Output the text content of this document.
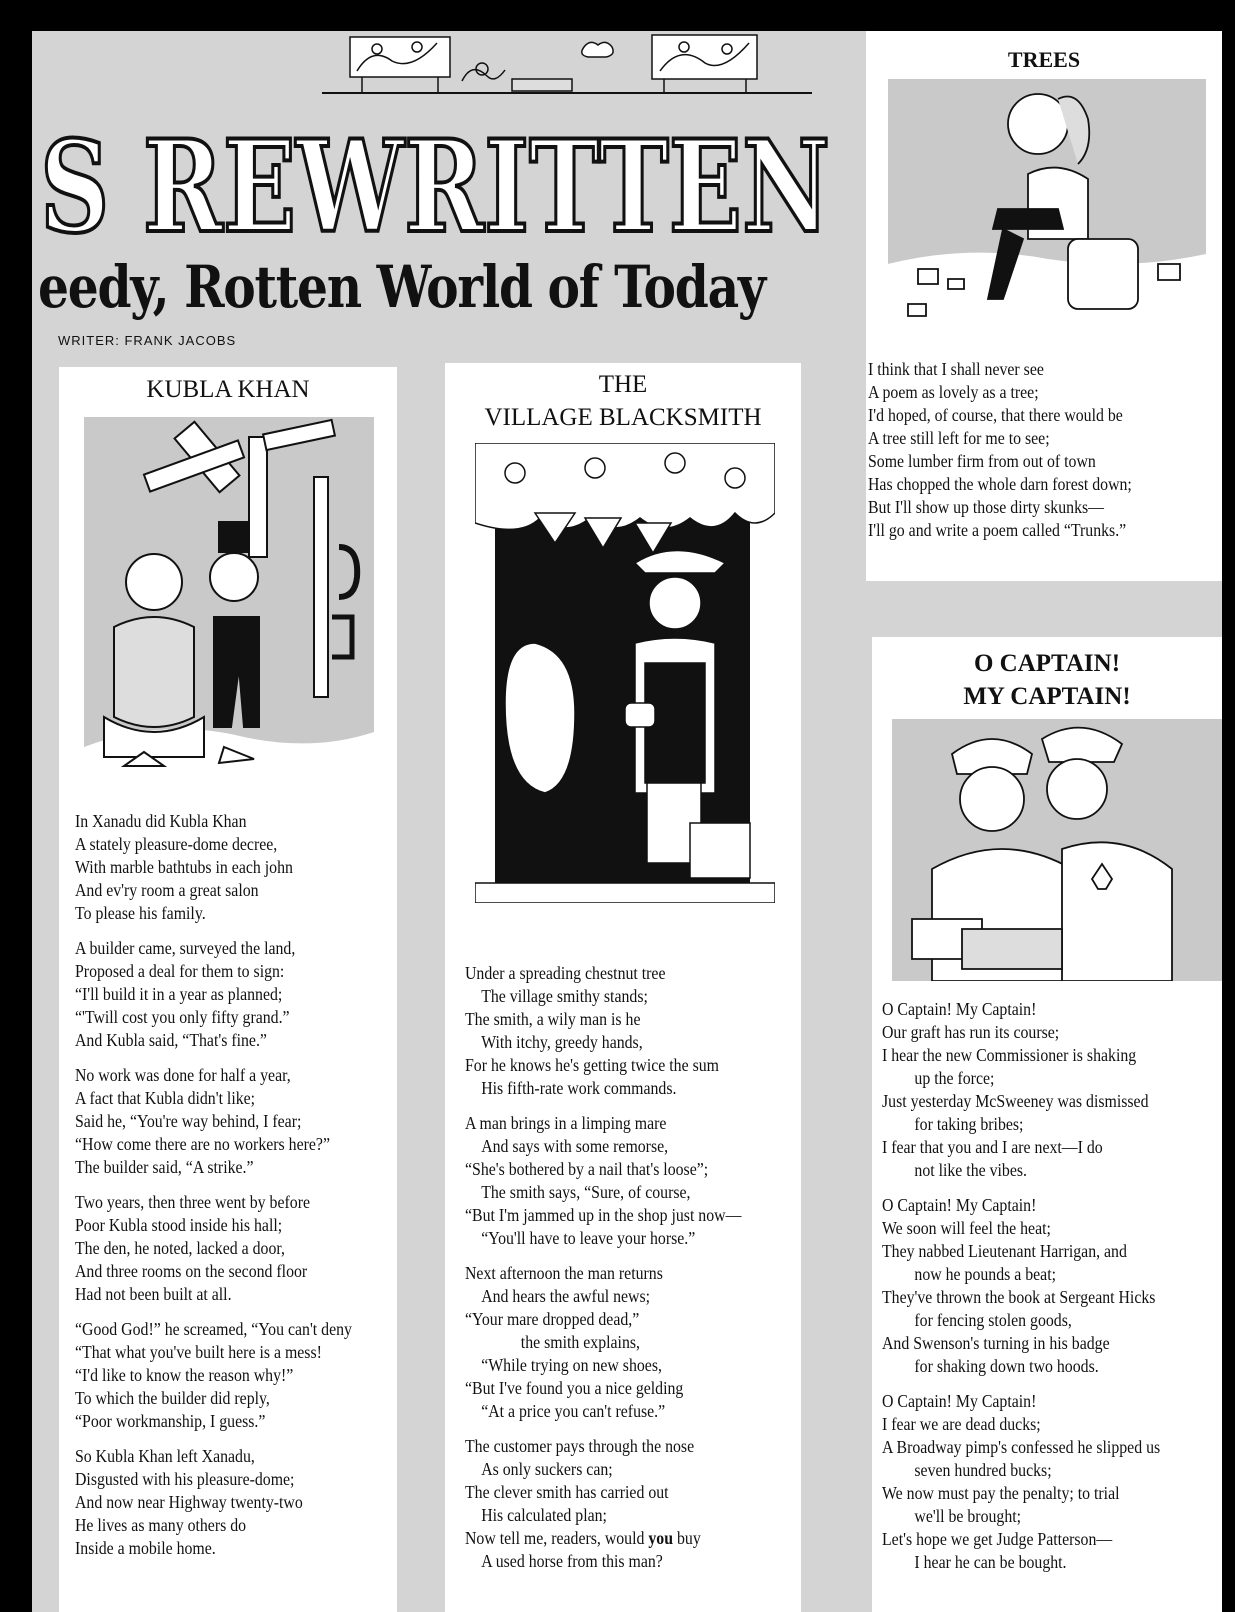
S REWRITTEN
eedy, Rotten World of Today
WRITER: FRANK JACOBS
KUBLA KHAN
In Xanadu did Kubla Khan
A stately pleasure-dome decree,
With marble bathtubs in each john
And ev'ry room a great salon
To please his family.
A builder came, surveyed the land,
Proposed a deal for them to sign:
“I'll build it in a year as planned;
“'Twill cost you only fifty grand.”
And Kubla said, “That's fine.”
No work was done for half a year,
A fact that Kubla didn't like;
Said he, “You're way behind, I fear;
“How come there are no workers here?”
The builder said, “A strike.”
Two years, then three went by before
Poor Kubla stood inside his hall;
The den, he noted, lacked a door,
And three rooms on the second floor
Had not been built at all.
“Good God!” he screamed, “You can't deny
“That what you've built here is a mess!
“I'd like to know the reason why!”
To which the builder did reply,
“Poor workmanship, I guess.”
So Kubla Khan left Xanadu,
Disgusted with his pleasure-dome;
And now near Highway twenty-two
He lives as many others do
Inside a mobile home.
THE
VILLAGE BLACKSMITH
Under a spreading chestnut tree
The village smithy stands;
The smith, a wily man is he
With itchy, greedy hands,
For he knows he's getting twice the sum
His fifth-rate work commands.
A man brings in a limping mare
And says with some remorse,
“She's bothered by a nail that's loose”;
The smith says, “Sure, of course,
“But I'm jammed up in the shop just now—
“You'll have to leave your horse.”
Next afternoon the man returns
And hears the awful news;
“Your mare dropped dead,”
the smith explains,
“While trying on new shoes,
“But I've found you a nice gelding
“At a price you can't refuse.”
The customer pays through the nose
As only suckers can;
The clever smith has carried out
His calculated plan;
Now tell me, readers, would you buy
A used horse from this man?
TREES
I think that I shall never see
A poem as lovely as a tree;
I'd hoped, of course, that there would be
A tree still left for me to see;
Some lumber firm from out of town
Has chopped the whole darn forest down;
But I'll show up those dirty skunks—
I'll go and write a poem called “Trunks.”
O CAPTAIN!
MY CAPTAIN!
O Captain! My Captain!
Our graft has run its course;
I hear the new Commissioner is shaking
up the force;
Just yesterday McSweeney was dismissed
for taking bribes;
I fear that you and I are next—I do
not like the vibes.
O Captain! My Captain!
We soon will feel the heat;
They nabbed Lieutenant Harrigan, and
now he pounds a beat;
They've thrown the book at Sergeant Hicks
for fencing stolen goods,
And Swenson's turning in his badge
for shaking down two hoods.
O Captain! My Captain!
I fear we are dead ducks;
A Broadway pimp's confessed he slipped us
seven hundred bucks;
We now must pay the penalty; to trial
we'll be brought;
Let's hope we get Judge Patterson—
I hear he can be bought.
